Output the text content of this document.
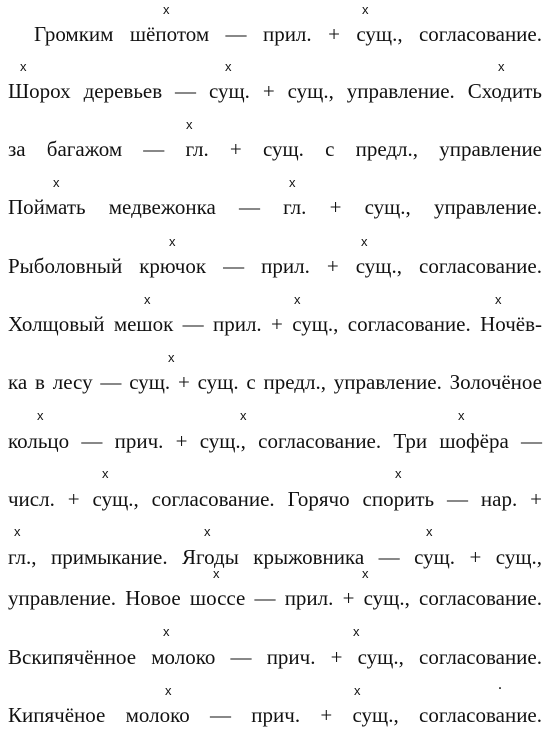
Громким шёпотом — прил. + сущ., согласование.
Шорох деревьев — сущ. + сущ., управление. Сходить
за багажом — гл. + сущ. с предл., управление
Поймать медвежонка — гл. + сущ., управление.
Рыболовный крючок — прил. + сущ., согласование.
Холщовый мешок — прил. + сущ., согласование. Ночёв-
ка в лесу — сущ. + сущ. с предл., управление. Золочёное
кольцо — прич. + сущ., согласование. Три шофёра —
числ. + сущ., согласование. Горячо спорить — нар. +
гл., примыкание. Ягоды крыжовника — сущ. + сущ.,
управление. Новое шоссе — прил. + сущ., согласование.
Вскипячённое молоко — прич. + сущ., согласование.
Кипячёное молоко — прич. + сущ., согласование.
x	x
x	x	x
x
x	x
x	x
x	x	x
x
x	x	x
x	x
x	x	x
x	x
x	x
x	x	.
